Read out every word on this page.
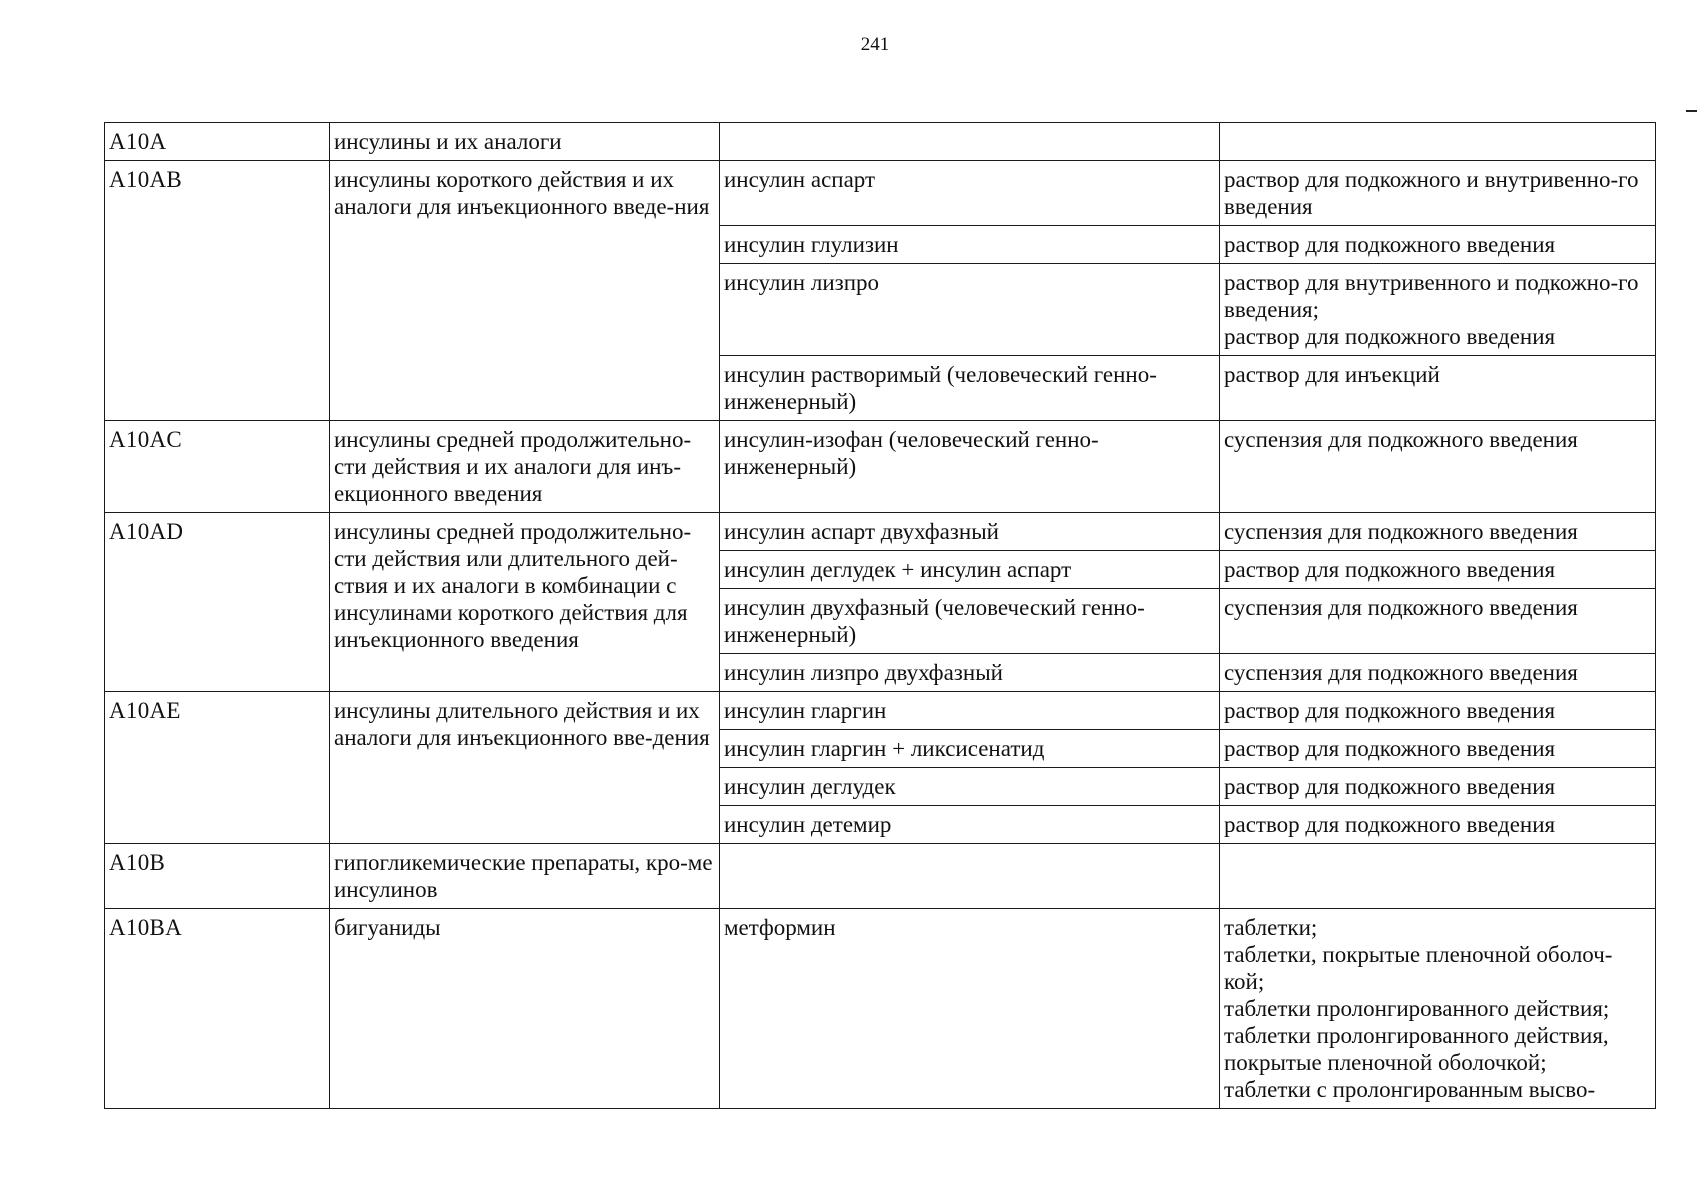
241
A10A	инсулины и их аналоги		

A10AB	инсулины короткого действия и их аналоги для инъекционного введе-ния	инсулин аспарт	раствор для подкожного и внутривенно-го введения

		инсулин глулизин	раствор для подкожного введения

		инсулин лизпро	раствор для внутривенного и подкожно-го введения;
раствор для подкожного введения

		инсулин растворимый (человеческий генно-инженерный)	раствор для инъекций

A10AC	инсулины средней продолжительно-сти действия и их аналоги для инъ-екционного введения	инсулин-изофан (человеческий генно-инженерный)	суспензия для подкожного введения

A10AD	инсулины средней продолжительно-сти действия или длительного дей-ствия и их аналоги в комбинации с инсулинами короткого действия для инъекционного введения	инсулин аспарт двухфазный	суспензия для подкожного введения

		инсулин деглудек + инсулин аспарт	раствор для подкожного введения

		инсулин двухфазный (человеческий генно-инженерный)	суспензия для подкожного введения

		инсулин лизпро двухфазный	суспензия для подкожного введения

A10AE	инсулины длительного действия и их аналоги для инъекционного вве-дения	инсулин гларгин	раствор для подкожного введения

		инсулин гларгин + ликсисенатид	раствор для подкожного введения

		инсулин деглудек	раствор для подкожного введения

		инсулин детемир	раствор для подкожного введения

A10B	гипогликемические препараты, кро-ме инсулинов		

A10BA	бигуаниды	метформин	таблетки;
таблетки, покрытые пленочной оболоч-кой;
таблетки пролонгированного действия;
таблетки пролонгированного действия, покрытые пленочной оболочкой;
таблетки с пролонгированным высво-
